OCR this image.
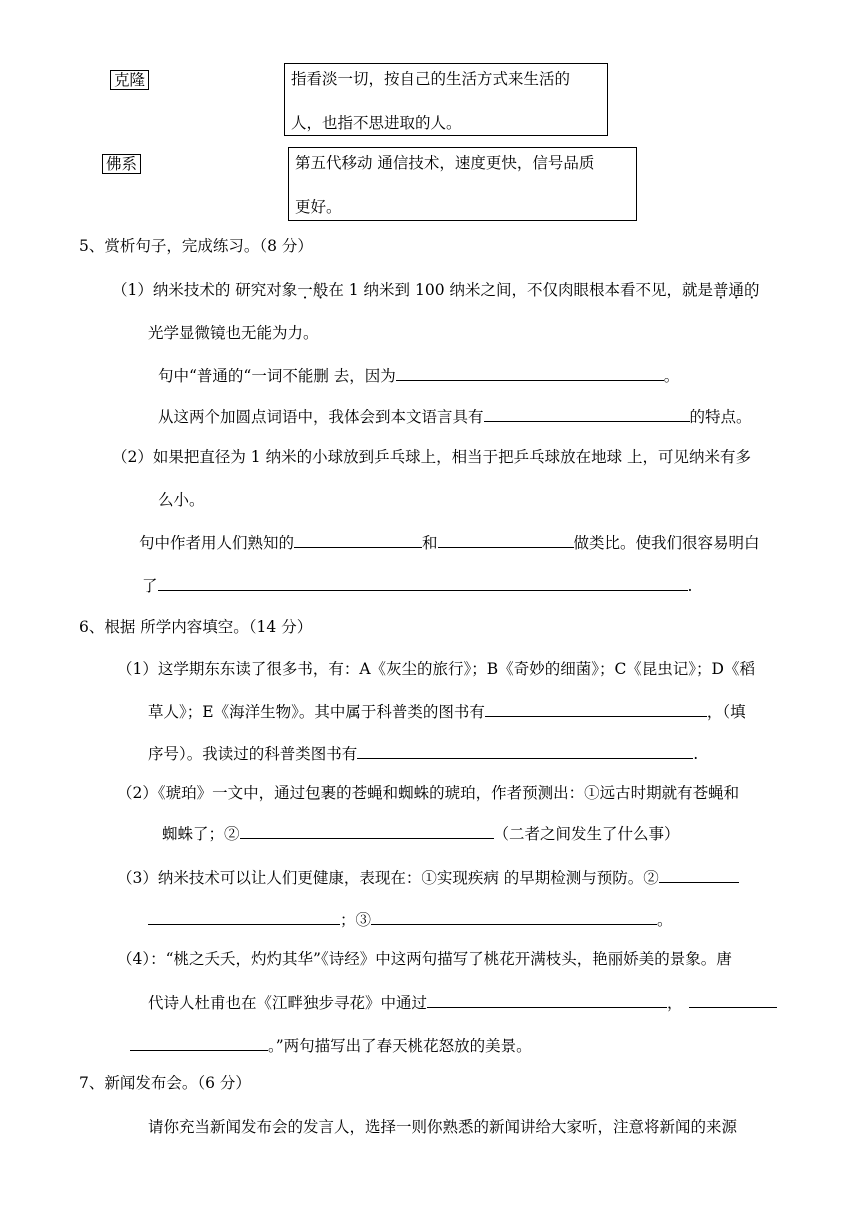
克隆	指看淡一切，按自己的生活方式来生活的
人，也指不思进取的人。
佛系	第五代移动 通信技术，速度更快，信号品质
更好。
5、赏析句子，完成练习。（8 分）
（1）纳米技术的 研究对象一般在 1 纳米到 100 纳米之间，不仅肉眼根本看不见，就是普通的
光学显微镜也无能为力。
句中“普通的“一词不能删 去，因为	。
从这两个加圆点词语中，我体会到本文语言具有	的特点。
（2）如果把直径为 1 纳米的小球放到乒乓球上，相当于把乒乓球放在地球 上，可见纳米有多
么小。
句中作者用人们熟知的	和	做类比。使我们很容易明白
了	.
6、根据 所学内容填空。（14 分）
（1）这学期东东读了很多书，有：A《灰尘的旅行》；B《奇妙的细菌》；C《昆虫记》；D《稻
草人》；E《海洋生物》。其中属于科普类的图书有	，（填
序号）。我读过的科普类图书有	.
（2）《琥珀》一文中，通过包裹的苍蝇和蜘蛛的琥珀，作者预测出：①远古时期就有苍蝇和
蜘蛛了；②	（二者之间发生了什么事）
（3）纳米技术可以让人们更健康，表现在：①实现疾病 的早期检测与预防。②
；③	。
（4）：“桃之夭夭，灼灼其华”《诗经》中这两句描写了桃花开满枝头，艳丽娇美的景象。唐
代诗人杜甫也在《江畔独步寻花》中通过	，
。”两句描写出了春天桃花怒放的美景。
7、新闻发布会。（6 分）
请你充当新闻发布会的发言人，选择一则你熟悉的新闻讲给大家听，注意将新闻的来源
